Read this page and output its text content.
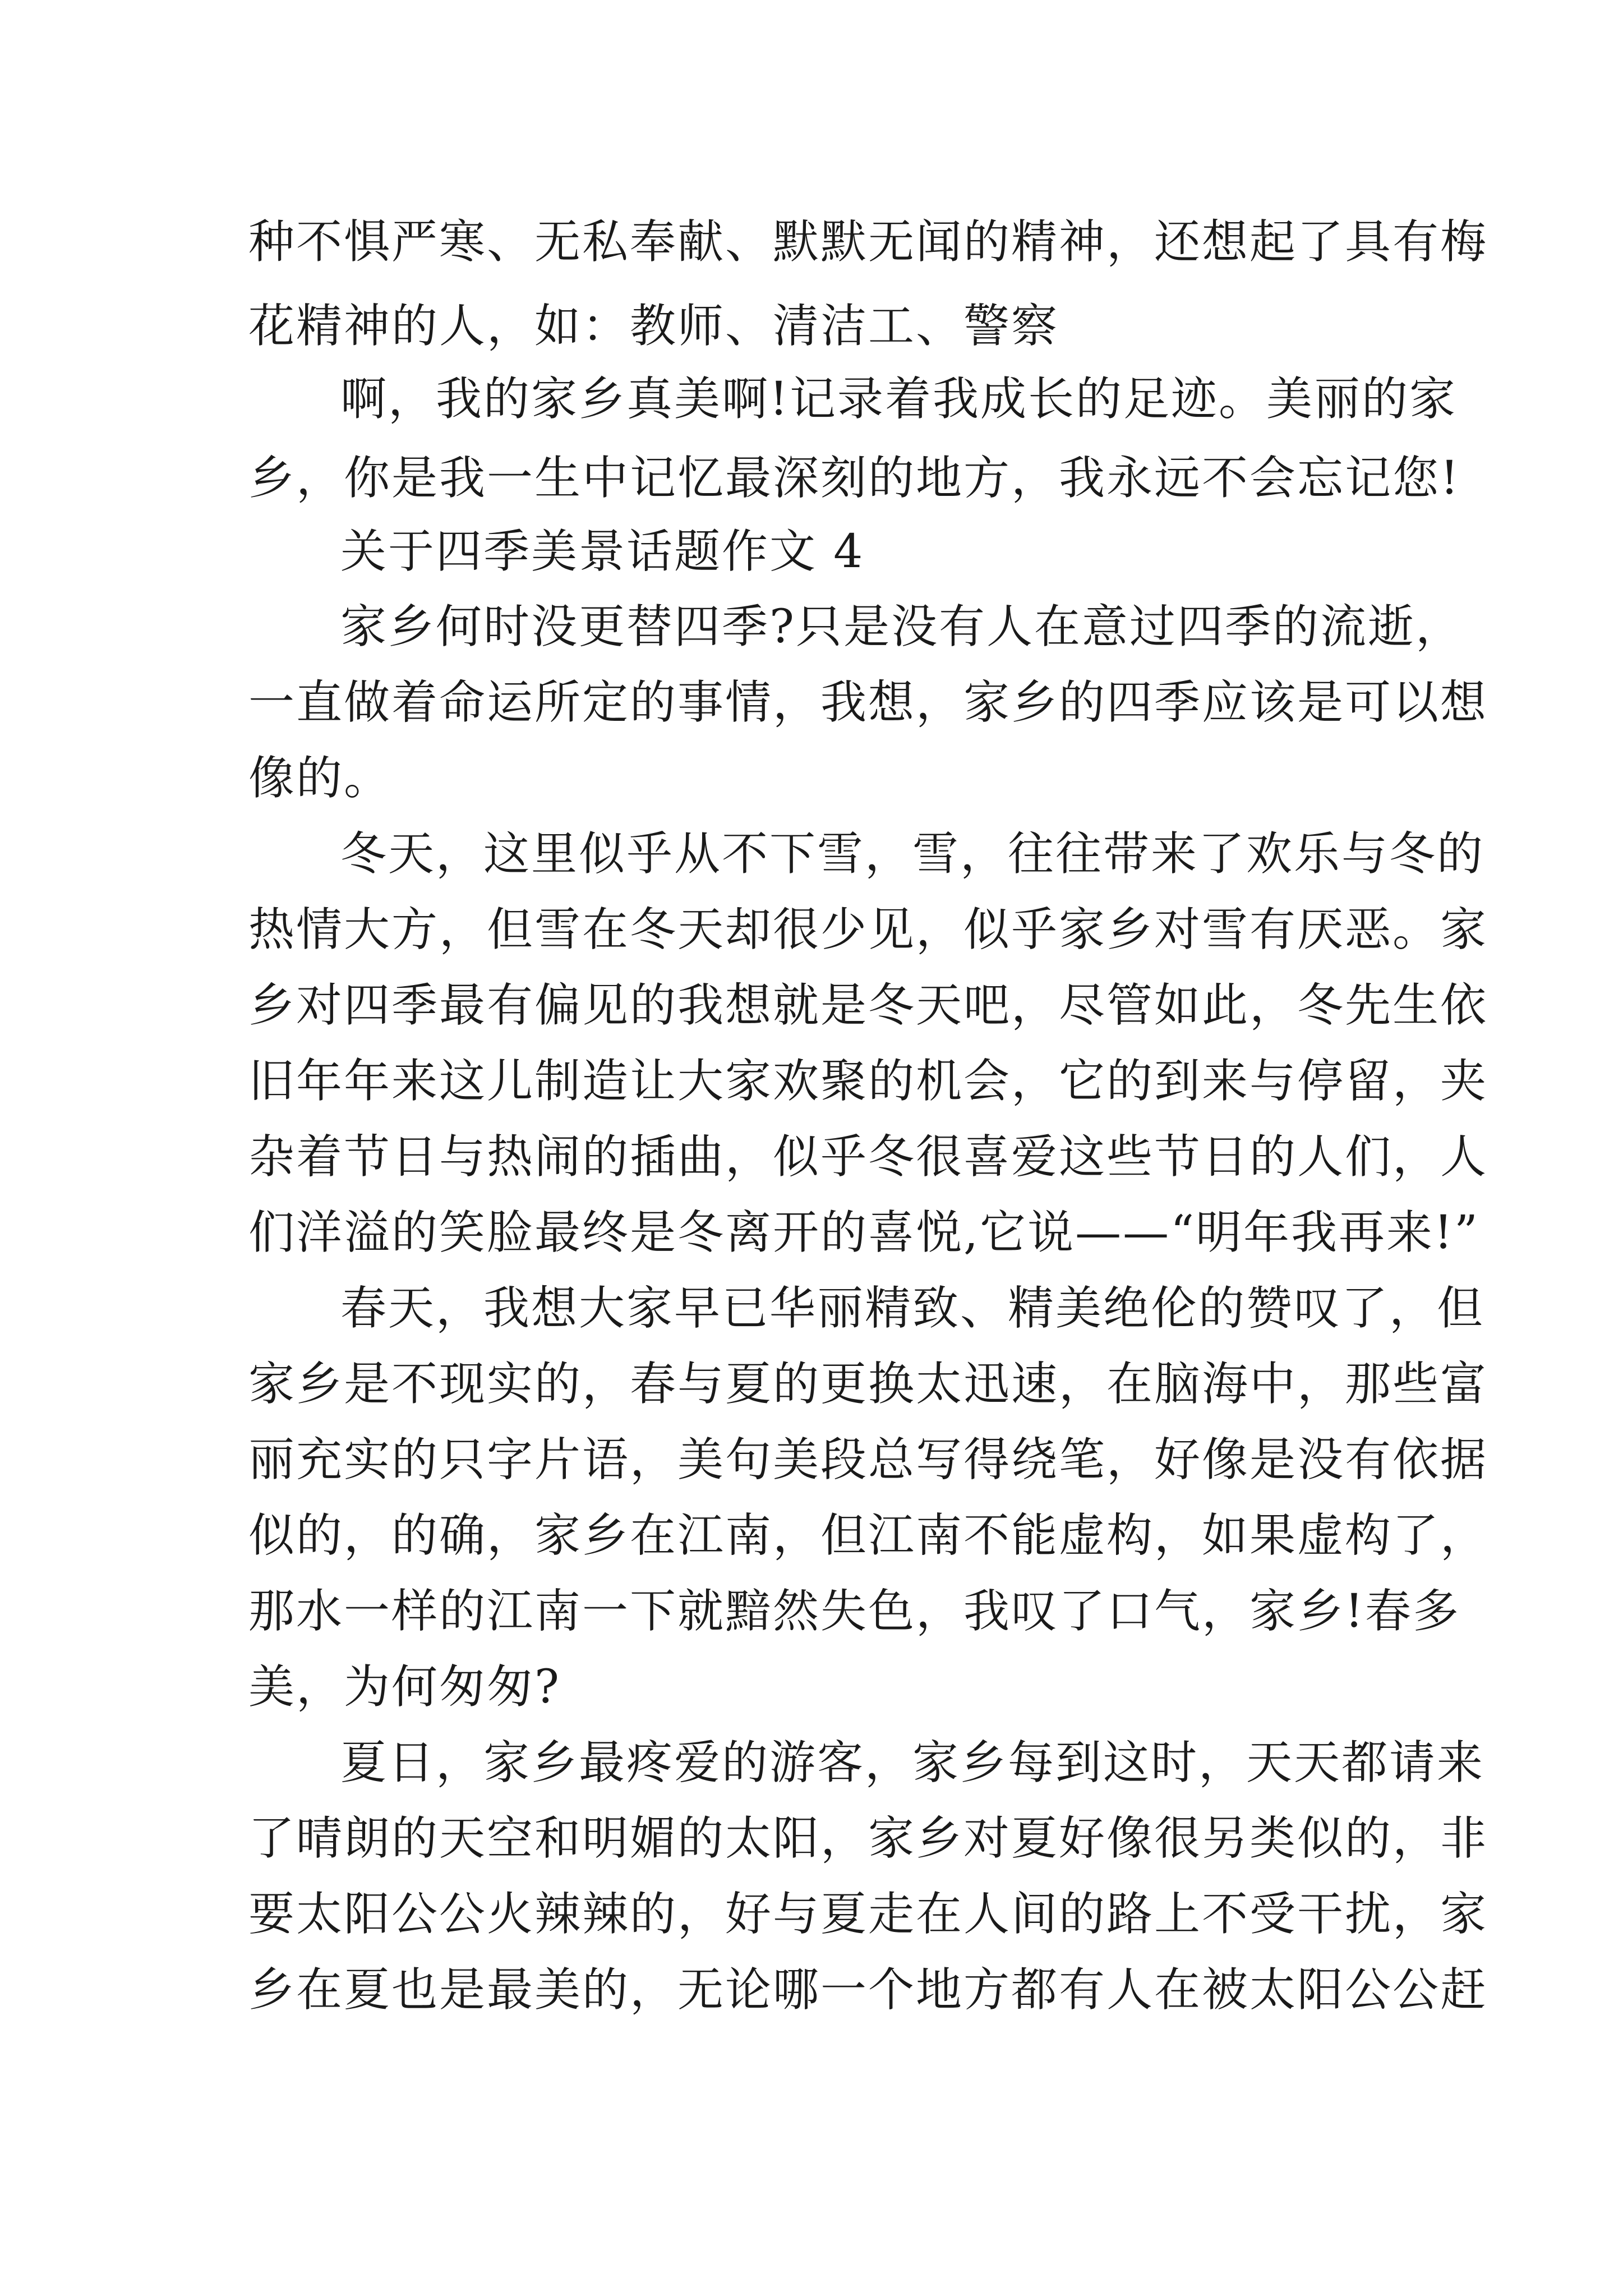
种不惧严寒、无私奉献、默默无闻的精神，还想起了具有梅
花精神的人，如：教师、清洁工、警察
啊，我的家乡真美啊!记录着我成长的足迹。美丽的家
乡，你是我一生中记忆最深刻的地方，我永远不会忘记您!
关于四季美景话题作文 4
家乡何时没更替四季?只是没有人在意过四季的流逝，
一直做着命运所定的事情，我想，家乡的四季应该是可以想
像的。
冬天，这里似乎从不下雪，雪，往往带来了欢乐与冬的
热情大方，但雪在冬天却很少见，似乎家乡对雪有厌恶。家
乡对四季最有偏见的我想就是冬天吧，尽管如此，冬先生依
旧年年来这儿制造让大家欢聚的机会，它的到来与停留，夹
杂着节日与热闹的插曲，似乎冬很喜爱这些节日的人们，人
们洋溢的笑脸最终是冬离开的喜悦,它说——“明年我再来!”
春天，我想大家早已华丽精致、精美绝伦的赞叹了，但
家乡是不现实的，春与夏的更换太迅速，在脑海中，那些富
丽充实的只字片语，美句美段总写得绕笔，好像是没有依据
似的，的确，家乡在江南，但江南不能虚构，如果虚构了，
那水一样的江南一下就黯然失色，我叹了口气，家乡!春多
美，为何匆匆?
夏日，家乡最疼爱的游客，家乡每到这时，天天都请来
了晴朗的天空和明媚的太阳，家乡对夏好像很另类似的，非
要太阳公公火辣辣的，好与夏走在人间的路上不受干扰，家
乡在夏也是最美的，无论哪一个地方都有人在被太阳公公赶
